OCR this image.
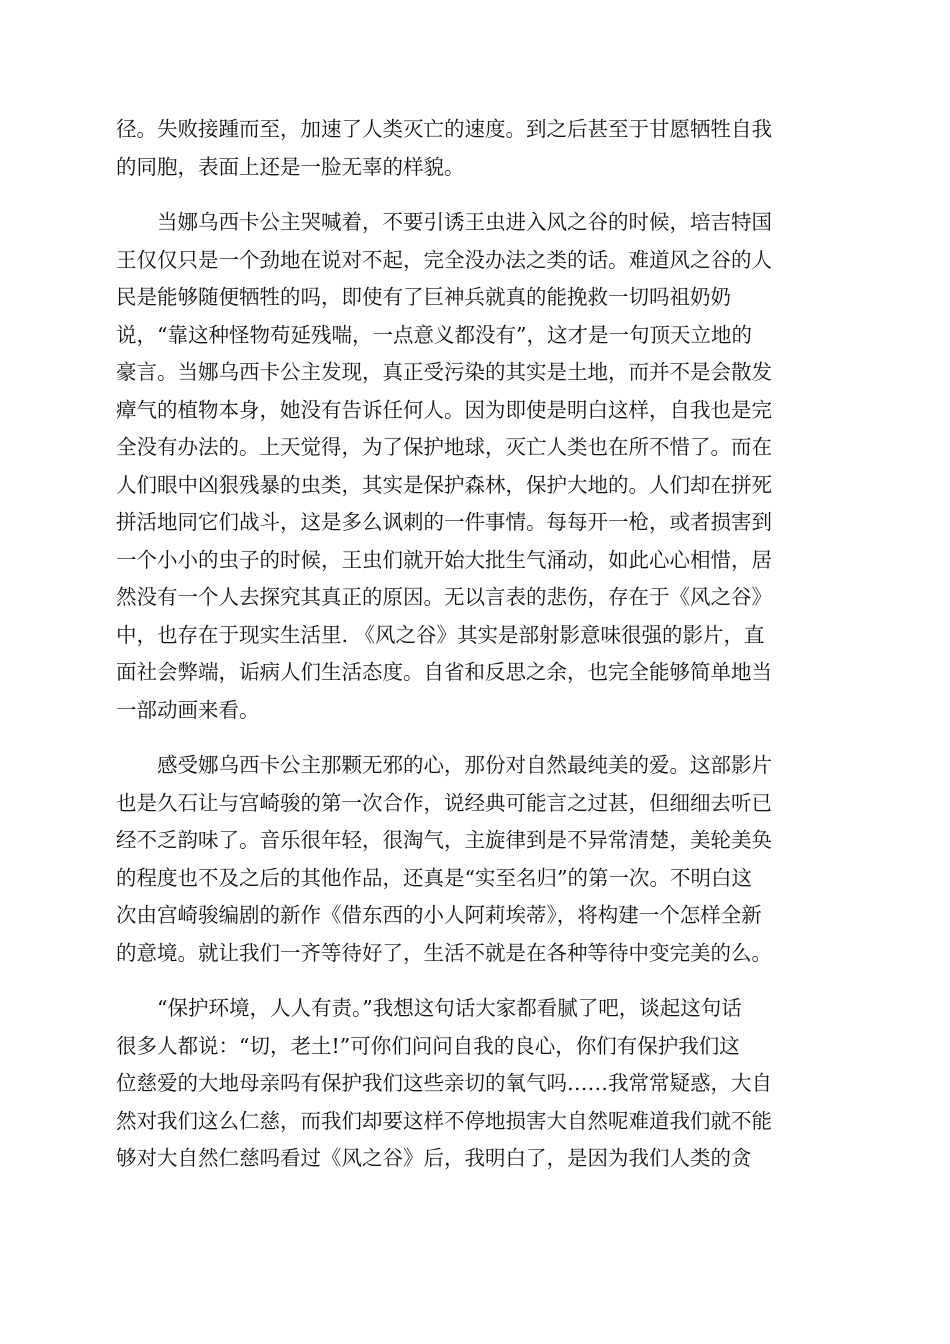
径。失败接踵而至，加速了人类灭亡的速度。到之后甚至于甘愿牺牲自我
的同胞，表面上还是一脸无辜的样貌。
　　当娜乌西卡公主哭喊着，不要引诱王虫进入风之谷的时候，培吉特国
王仅仅只是一个劲地在说对不起，完全没办法之类的话。难道风之谷的人
民是能够随便牺牲的吗，即使有了巨神兵就真的能挽救一切吗祖奶奶
说，“靠这种怪物苟延残喘，一点意义都没有”，这才是一句顶天立地的
豪言。当娜乌西卡公主发现，真正受污染的其实是土地，而并不是会散发
瘴气的植物本身，她没有告诉任何人。因为即使是明白这样，自我也是完
全没有办法的。上天觉得，为了保护地球，灭亡人类也在所不惜了。而在
人们眼中凶狠残暴的虫类，其实是保护森林，保护大地的。人们却在拼死
拼活地同它们战斗，这是多么讽刺的一件事情。每每开一枪，或者损害到
一个小小的虫子的时候，王虫们就开始大批生气涌动，如此心心相惜，居
然没有一个人去探究其真正的原因。无以言表的悲伤，存在于《风之谷》
中，也存在于现实生活里. 《风之谷》其实是部射影意味很强的影片，直
面社会弊端，诟病人们生活态度。自省和反思之余，也完全能够简单地当
一部动画来看。
　　感受娜乌西卡公主那颗无邪的心，那份对自然最纯美的爱。这部影片
也是久石让与宫崎骏的第一次合作，说经典可能言之过甚，但细细去听已
经不乏韵味了。音乐很年轻，很淘气，主旋律到是不异常清楚，美轮美奂
的程度也不及之后的其他作品，还真是“实至名归”的第一次。不明白这
次由宫崎骏编剧的新作《借东西的小人阿莉埃蒂》，将构建一个怎样全新
的意境。就让我们一齐等待好了，生活不就是在各种等待中变完美的么。
　　“保护环境，人人有责。”我想这句话大家都看腻了吧，谈起这句话
很多人都说：“切，老土!”可你们问问自我的良心，你们有保护我们这
位慈爱的大地母亲吗有保护我们这些亲切的氧气吗……我常常疑惑，大自
然对我们这么仁慈，而我们却要这样不停地损害大自然呢难道我们就不能
够对大自然仁慈吗看过《风之谷》后，我明白了，是因为我们人类的贪
